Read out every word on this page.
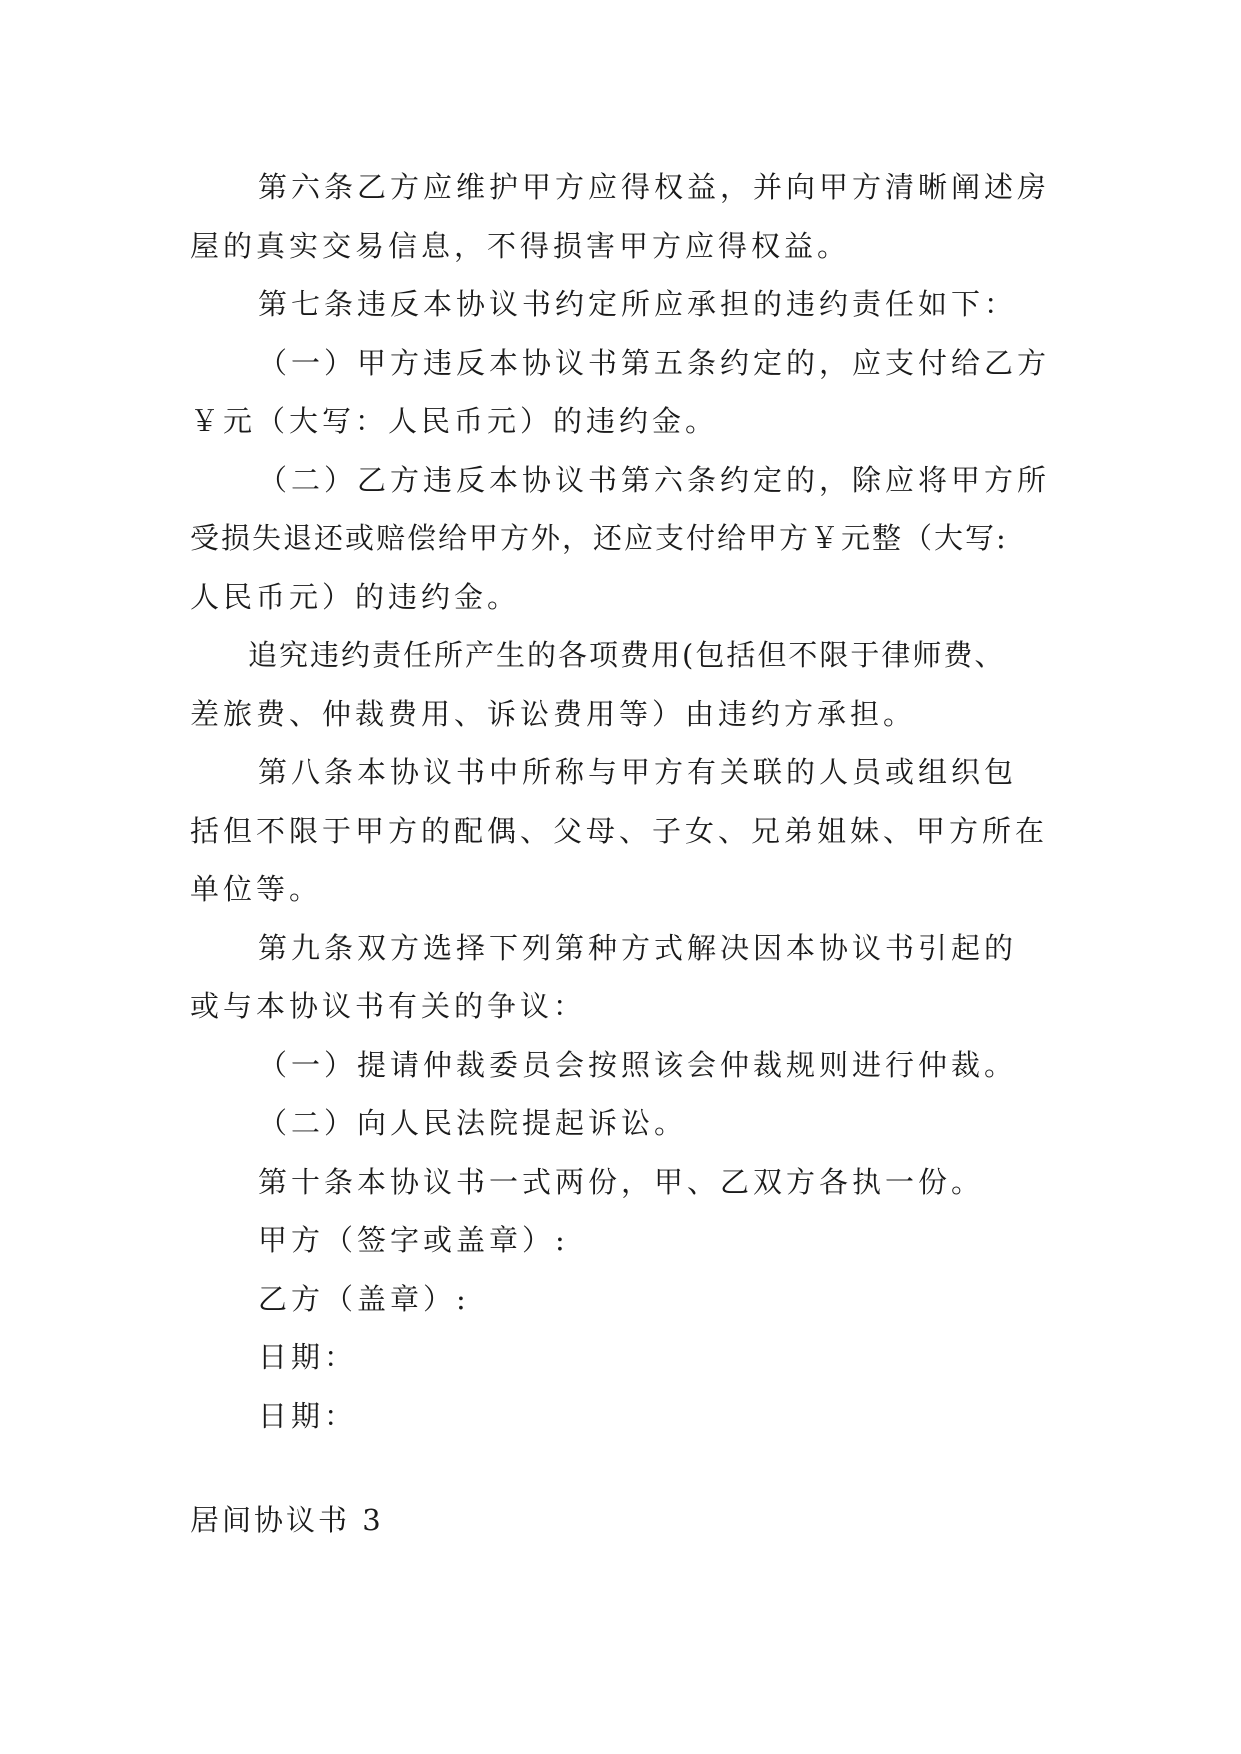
第六条乙方应维护甲方应得权益，并向甲方清晰阐述房
屋的真实交易信息，不得损害甲方应得权益。
第七条违反本协议书约定所应承担的违约责任如下：
（一）甲方违反本协议书第五条约定的，应支付给乙方
￥元（大写：人民币元）的违约金。
（二）乙方违反本协议书第六条约定的，除应将甲方所
受损失退还或赔偿给甲方外，还应支付给甲方￥元整（大写:
人民币元）的违约金。
追究违约责任所产生的各项费用(包括但不限于律师费、
差旅费、仲裁费用、诉讼费用等）由违约方承担。
第八条本协议书中所称与甲方有关联的人员或组织包
括但不限于甲方的配偶、父母、子女、兄弟姐妹、甲方所在
单位等。
第九条双方选择下列第种方式解决因本协议书引起的
或与本协议书有关的争议：
（一）提请仲裁委员会按照该会仲裁规则进行仲裁。
（二）向人民法院提起诉讼。
第十条本协议书一式两份，甲、乙双方各执一份。
甲方（签字或盖章）:
乙方（盖章）:
日期：
日期：
居间协议书 3
